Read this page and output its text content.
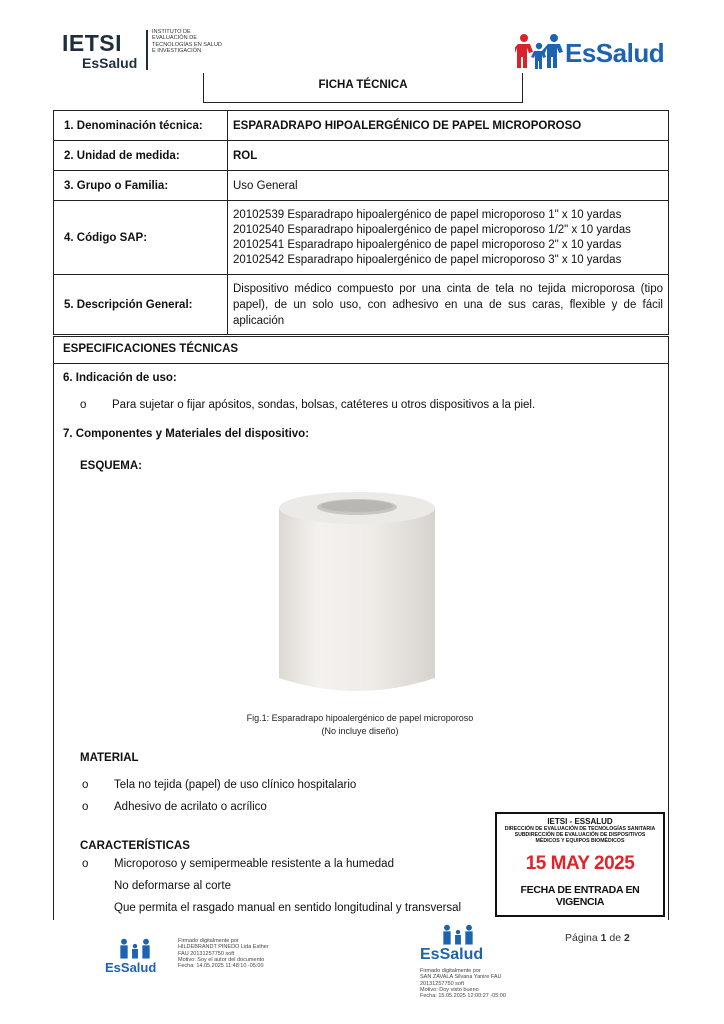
IETSI
EsSalud
INSTITUTO DE EVALUACIÓN DE TECNOLOGÍAS EN SALUD E INVESTIGACIÓN	EsSalud
FICHA TÉCNICA
1. Denominación técnica:	ESPARADRAPO HIPOALERGÉNICO DE PAPEL MICROPOROSO
2. Unidad de medida:	ROL
3. Grupo o Familia:	Uso General
4. Código SAP:	20102539 Esparadrapo hipoalergénico de papel microporoso 1" x 10 yardas
20102540 Esparadrapo hipoalergénico de papel microporoso 1/2" x 10 yardas
20102541 Esparadrapo hipoalergénico de papel microporoso 2" x 10 yardas
20102542 Esparadrapo hipoalergénico de papel microporoso 3" x 10 yardas

5. Descripción General:	Dispositivo médico compuesto por una cinta de tela no tejida microporosa (tipo papel), de un solo uso, con adhesivo en una de sus caras, flexible y de fácil aplicación
ESPECIFICACIONES TÉCNICAS
6. Indicación de uso:
o Para sujetar o fijar apósitos, sondas, bolsas, catéteres u otros dispositivos a la piel.
7. Componentes y Materiales del dispositivo:
ESQUEMA:
Fig.1: Esparadrapo hipoalergénico de papel microporoso
(No incluye diseño)
MATERIAL
o Tela no tejida (papel) de uso clínico hospitalario
o Adhesivo de acrilato o acrílico
CARACTERÍSTICAS
o Microporoso y semipermeable resistente a la humedad
No deformarse al corte
Que permita el rasgado manual en sentido longitudinal y transversal
IETSI - ESSALUD
DIRECCIÓN DE EVALUACIÓN DE TECNOLOGÍAS SANITARIA
SUBDIRECCIÓN DE EVALUACIÓN DE DISPOSITIVOS MÉDICOS Y EQUIPOS BIOMÉDICOS
15 MAY 2025
FECHA DE ENTRADA EN VIGENCIA
EsSalud
Firmado digitalmente por
HILDEBRANDT PINEDO Lida Esther
FAU 20131257750 soft
Motivo: Soy el autor del documento
Fecha: 14.05.2025 11:48:10 -05:00
EsSalud
Firmado digitalmente por
SAN ZAVALA Silvana Yanire FAU
20131257750 soft
Motivo: Doy visto bueno
Fecha: 15.05.2025 12:00:27 -05:00
Página 1 de 2
